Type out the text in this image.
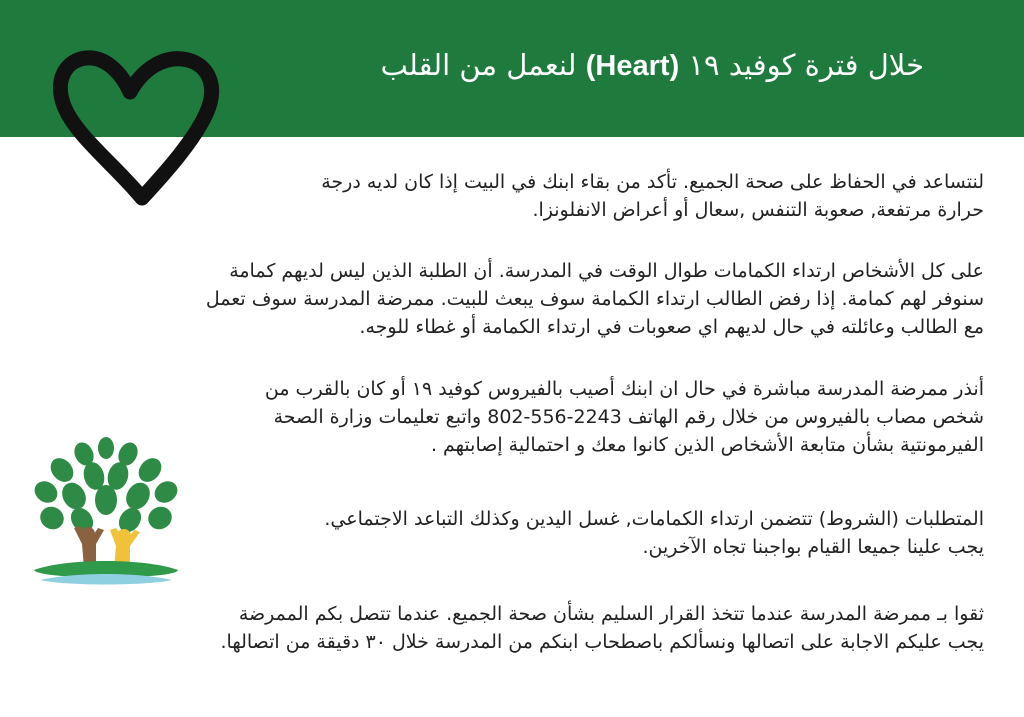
خلال فترة كوفيد ١٩ (Heart) لنعمل من القلب
لنتساعد في الحفاظ على صحة الجميع. تأكد من بقاء ابنك في البيت إذا كان لديه درجة
حرارة مرتفعة, صعوبة التنفس ,سعال أو أعراض الانفلونزا.
على كل الأشخاص ارتداء الكمامات طوال الوقت في المدرسة. أن الطلبة الذين ليس لديهم كمامة
سنوفر لهم كمامة. إذا رفض الطالب ارتداء الكمامة سوف يبعث للبيت. ممرضة المدرسة سوف تعمل
مع الطالب وعائلته في حال لديهم اي صعوبات في ارتداء الكمامة أو غطاء للوجه.
أنذر ممرضة المدرسة مباشرة في حال ان ابنك أصيب بالفيروس كوفيد ١٩ أو كان بالقرب من
شخص مصاب بالفيروس من خلال رقم الهاتف 2243-556-802 واتبع تعليمات وزارة الصحة
الفيرمونتية بشأن متابعة الأشخاص الذين كانوا معك و احتمالية إصابتهم .
المتطلبات (الشروط) تتضمن ارتداء الكمامات, غسل اليدين وكذلك التباعد الاجتماعي.
يجب علينا جميعا القيام بواجبنا تجاه الآخرين.
ثقوا بـ ممرضة المدرسة عندما تتخذ القرار السليم بشأن صحة الجميع. عندما تتصل بكم الممرضة
يجب عليكم الاجابة على اتصالها ونسألكم باصطحاب ابنكم من المدرسة خلال ٣٠ دقيقة من اتصالها.
